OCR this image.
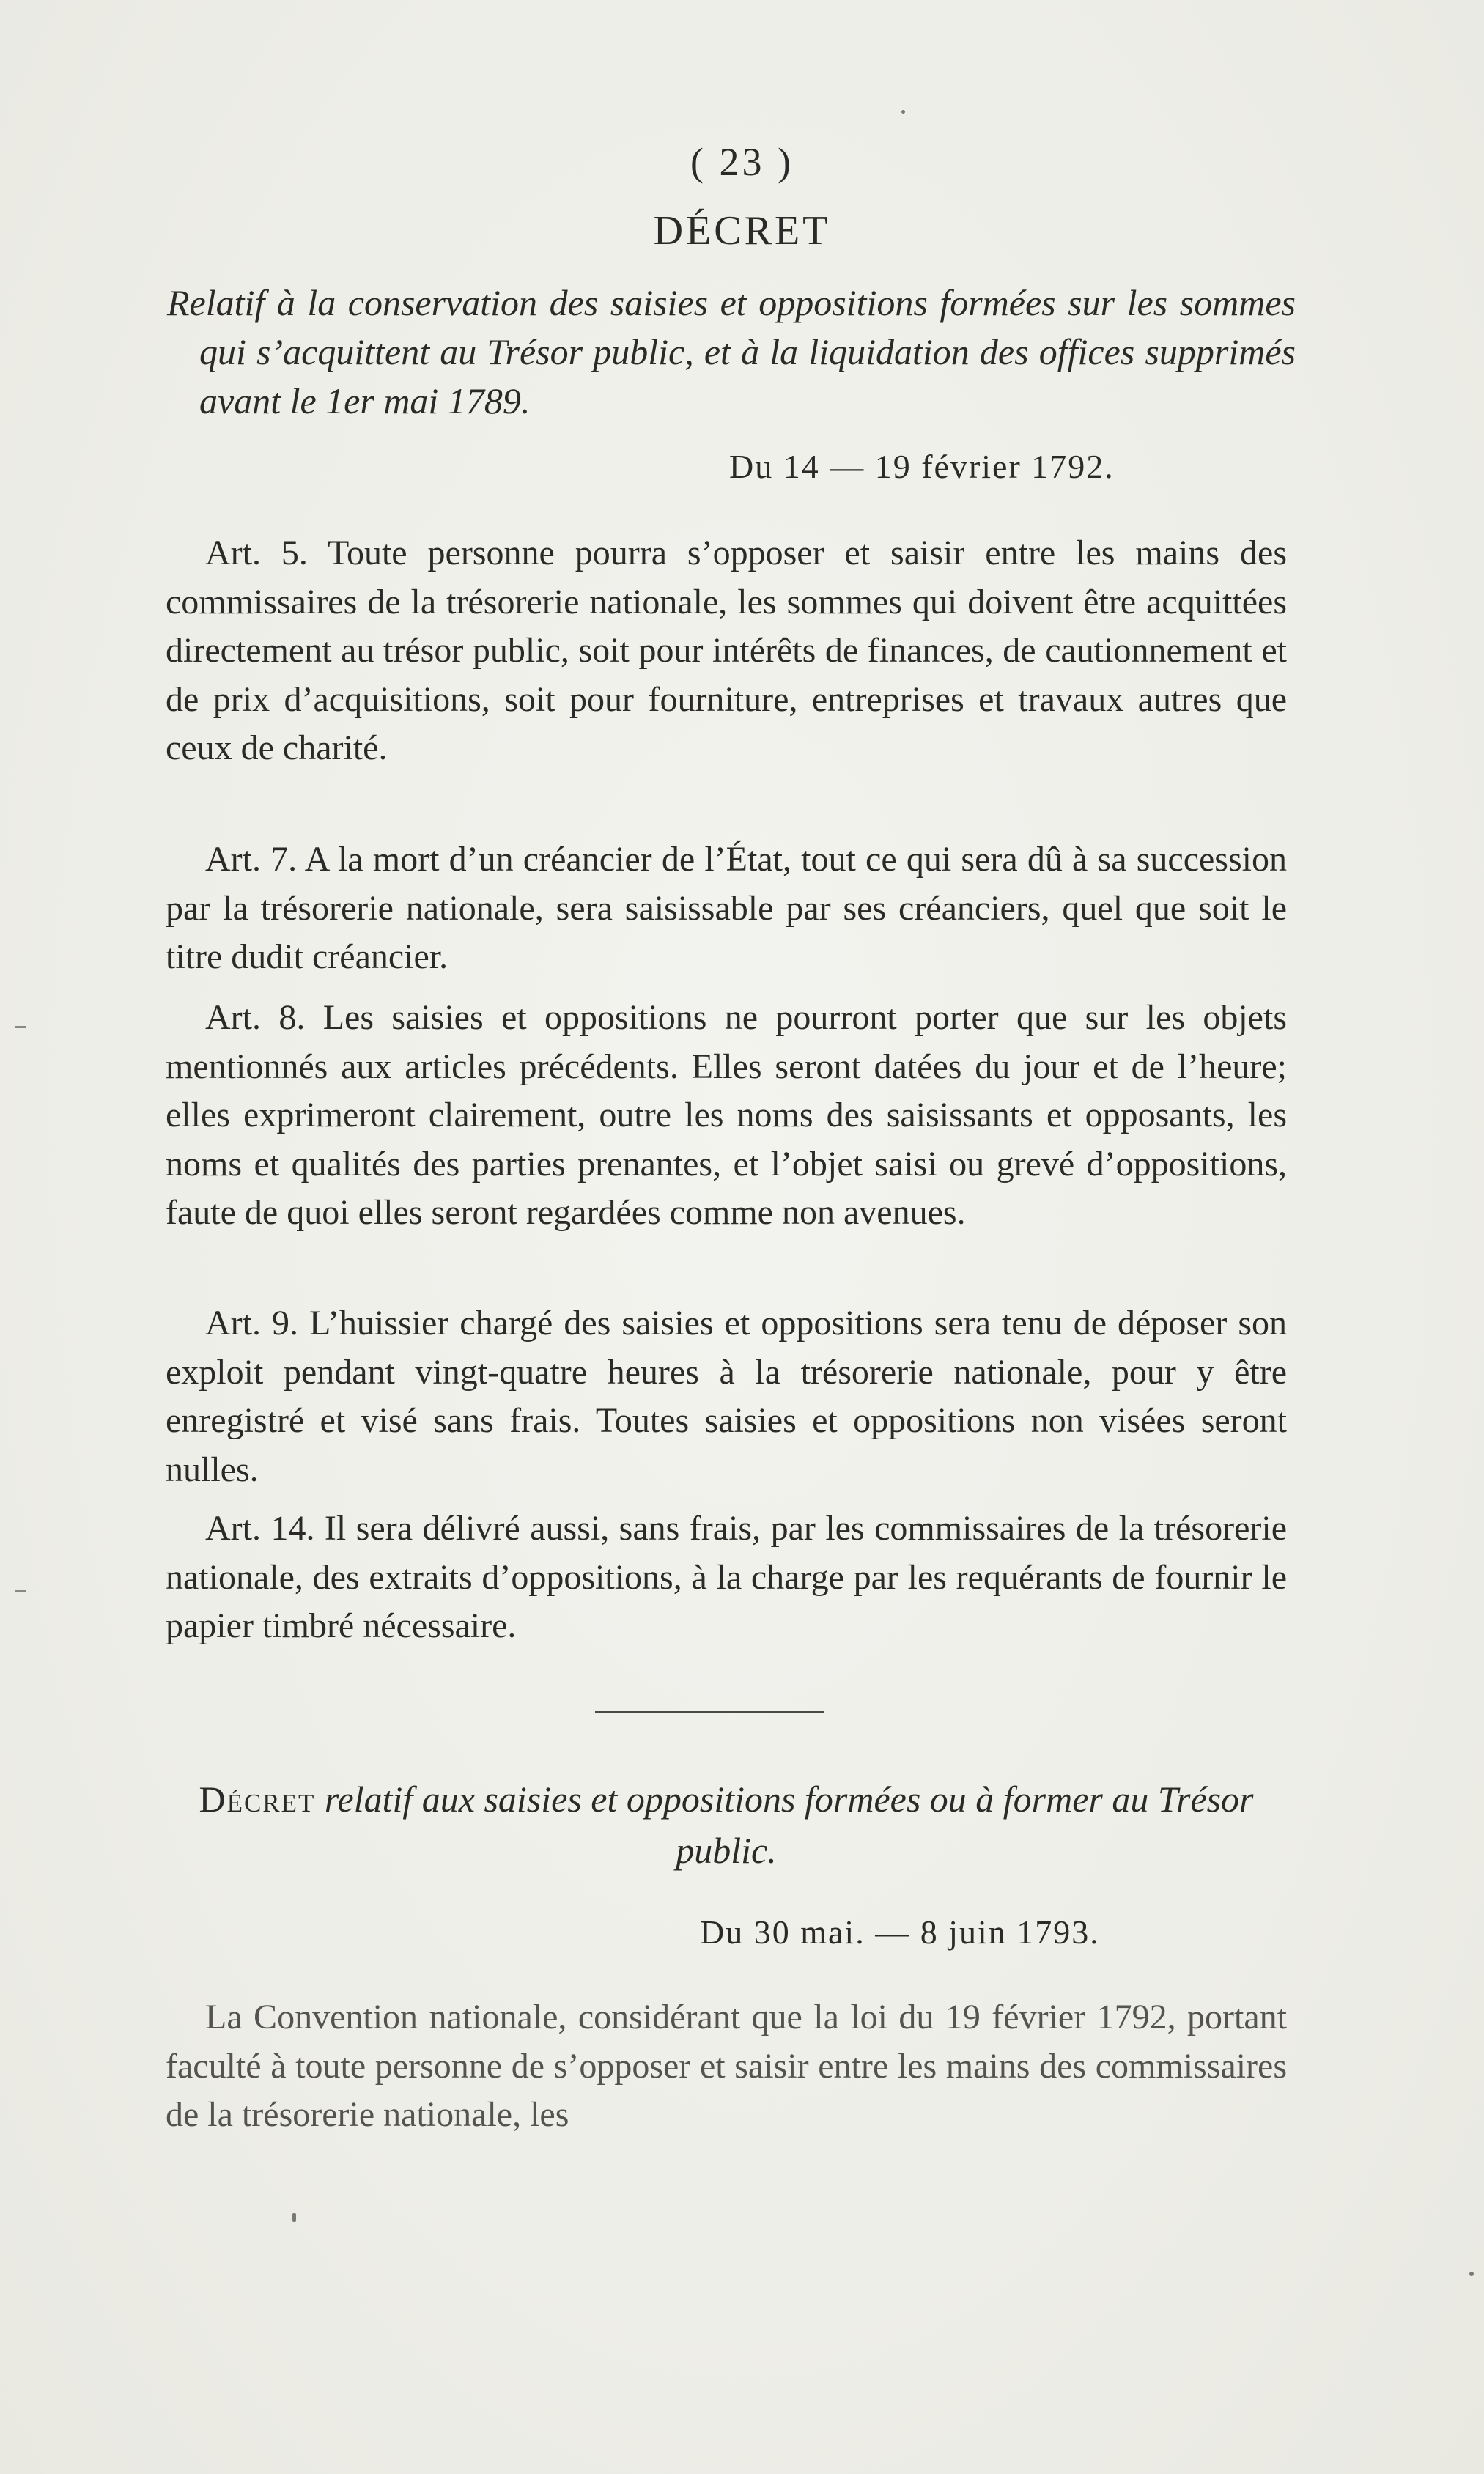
( 23 )
DÉCRET
Relatif à la conservation des saisies et oppositions formées sur les sommes qui s’acquittent au Trésor public, et à la liquidation des offices supprimés avant le 1er mai 1789.
Du 14 — 19 février 1792.
Art. 5. Toute personne pourra s’opposer et saisir entre les mains des commissaires de la trésorerie nationale, les sommes qui doivent être acquittées directement au trésor public, soit pour intérêts de finances, de cautionnement et de prix d’acquisitions, soit pour fourniture, entreprises et travaux autres que ceux de charité.
Art. 7. A la mort d’un créancier de l’État, tout ce qui sera dû à sa succession par la trésorerie nationale, sera saisissable par ses créanciers, quel que soit le titre dudit créancier.
Art. 8. Les saisies et oppositions ne pourront porter que sur les objets mentionnés aux articles précédents. Elles seront datées du jour et de l’heure; elles exprimeront clairement, outre les noms des saisissants et opposants, les noms et qualités des parties prenantes, et l’objet saisi ou grevé d’oppositions, faute de quoi elles seront regardées comme non avenues.
Art. 9. L’huissier chargé des saisies et oppositions sera tenu de déposer son exploit pendant vingt-quatre heures à la trésorerie nationale, pour y être enregistré et visé sans frais. Toutes saisies et oppositions non visées seront nulles.
Art. 14. Il sera délivré aussi, sans frais, par les commissaires de la trésorerie nationale, des extraits d’oppositions, à la charge par les requérants de fournir le papier timbré nécessaire.
Décret relatif aux saisies et oppositions formées ou à former au Trésor public.
Du 30 mai. — 8 juin 1793.
La Convention nationale, considérant que la loi du 19 février 1792, portant faculté à toute personne de s’opposer et saisir entre les mains des commissaires de la trésorerie nationale, les
